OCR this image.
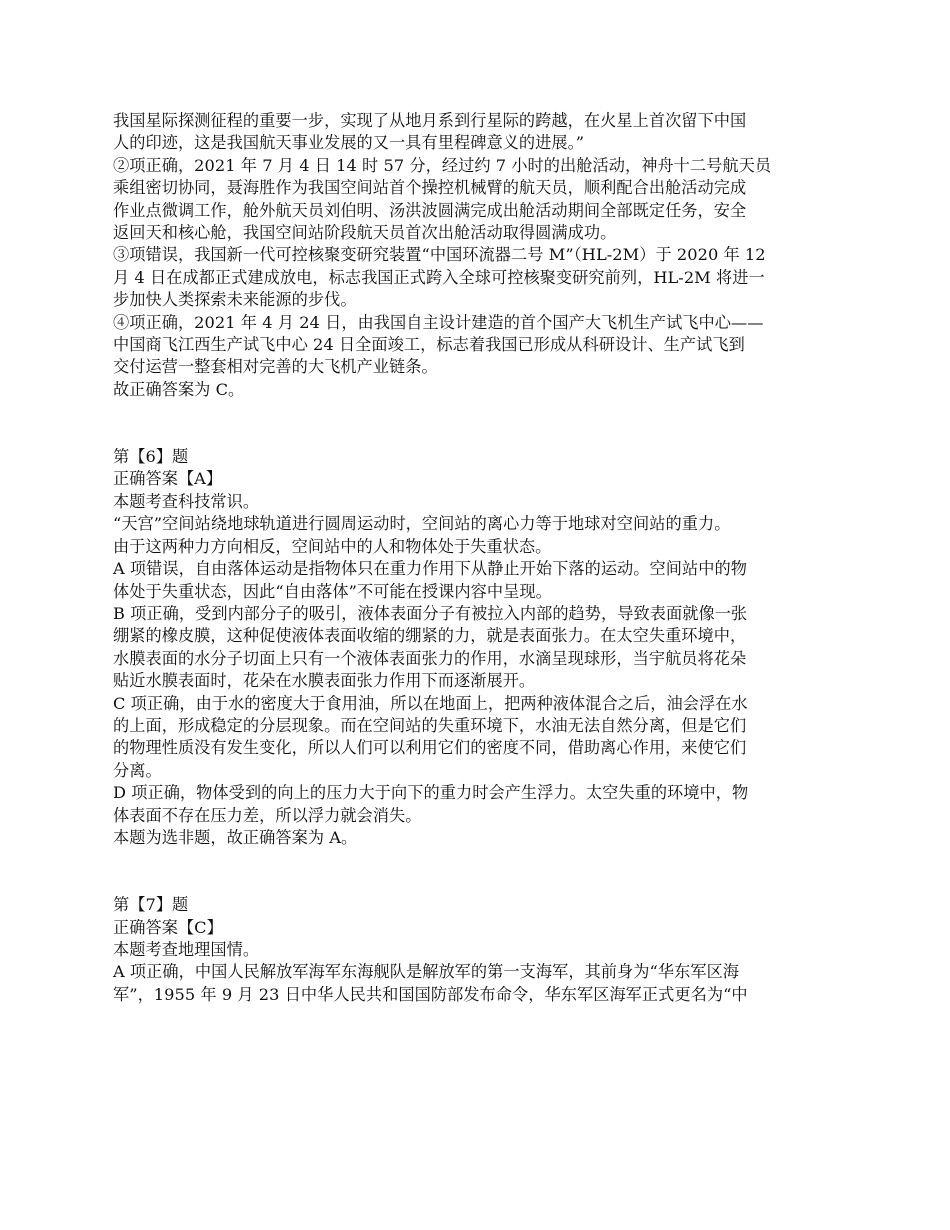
我国星际探测征程的重要一步，实现了从地月系到行星际的跨越，在火星上首次留下中国
人的印迹，这是我国航天事业发展的又一具有里程碑意义的进展。”
②项正确，2021 年 7 月 4 日 14 时 57 分，经过约 7 小时的出舱活动，神舟十二号航天员
乘组密切协同，聂海胜作为我国空间站首个操控机械臂的航天员，顺利配合出舱活动完成
作业点微调工作，舱外航天员刘伯明、汤洪波圆满完成出舱活动期间全部既定任务，安全
返回天和核心舱，我国空间站阶段航天员首次出舱活动取得圆满成功。
③项错误，我国新一代可控核聚变研究装置“中国环流器二号 M”（HL-2M）于 2020 年 12
月 4 日在成都正式建成放电，标志我国正式跨入全球可控核聚变研究前列，HL-2M 将进一
步加快人类探索未来能源的步伐。
④项正确，2021 年 4 月 24 日，由我国自主设计建造的首个国产大飞机生产试飞中心——
中国商飞江西生产试飞中心 24 日全面竣工，标志着我国已形成从科研设计、生产试飞到
交付运营一整套相对完善的大飞机产业链条。
故正确答案为 C。
第【6】题
正确答案【A】
本题考查科技常识。
“天宫”空间站绕地球轨道进行圆周运动时，空间站的离心力等于地球对空间站的重力。
由于这两种力方向相反，空间站中的人和物体处于失重状态。
A 项错误，自由落体运动是指物体只在重力作用下从静止开始下落的运动。空间站中的物
体处于失重状态，因此“自由落体”不可能在授课内容中呈现。
B 项正确，受到内部分子的吸引，液体表面分子有被拉入内部的趋势，导致表面就像一张
绷紧的橡皮膜，这种促使液体表面收缩的绷紧的力，就是表面张力。在太空失重环境中，
水膜表面的水分子切面上只有一个液体表面张力的作用，水滴呈现球形，当宇航员将花朵
贴近水膜表面时，花朵在水膜表面张力作用下而逐渐展开。
C 项正确，由于水的密度大于食用油，所以在地面上，把两种液体混合之后，油会浮在水
的上面，形成稳定的分层现象。而在空间站的失重环境下，水油无法自然分离，但是它们
的物理性质没有发生变化，所以人们可以利用它们的密度不同，借助离心作用，来使它们
分离。
D 项正确，物体受到的向上的压力大于向下的重力时会产生浮力。太空失重的环境中，物
体表面不存在压力差，所以浮力就会消失。
本题为选非题，故正确答案为 A。
第【7】题
正确答案【C】
本题考查地理国情。
A 项正确，中国人民解放军海军东海舰队是解放军的第一支海军，其前身为“华东军区海
军”，1955 年 9 月 23 日中华人民共和国国防部发布命令，华东军区海军正式更名为“中
